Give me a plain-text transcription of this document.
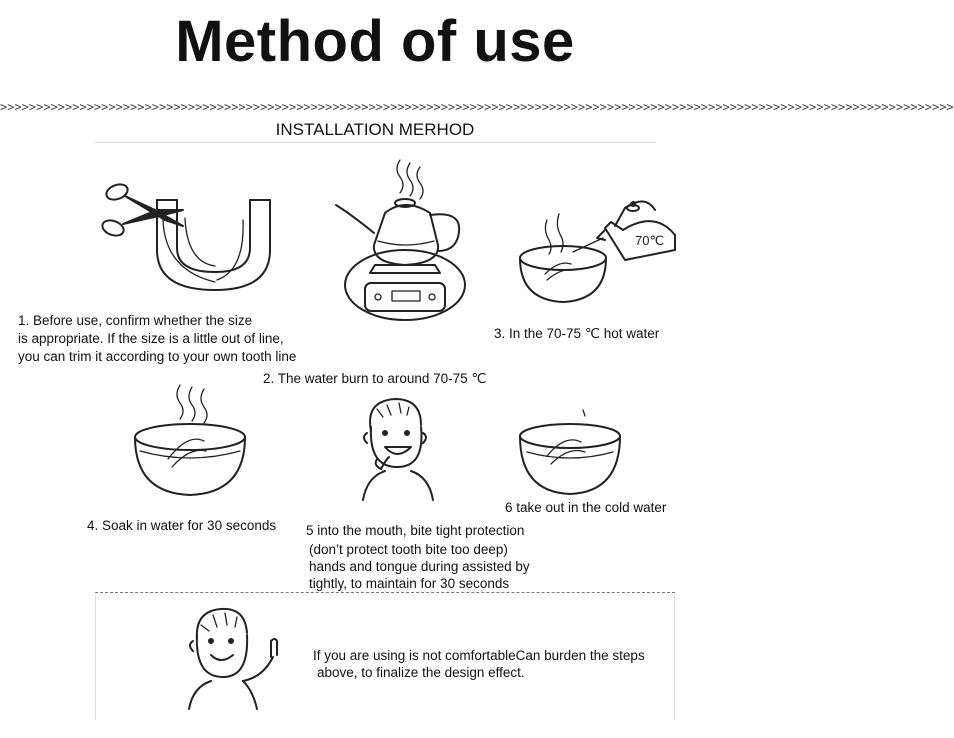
Method of use
>>>>>>>>>>>>>>>>>>>>>>>>>>>>>>>>>>>>>>>>>>>>>>>>>>>>>>>>>>>>>>>>>>>>>>>>>>>>>>>>>>>>>>>>>>>>>>>>>>>>>>>>>>>>>>>>>>>>>>>>>>>>>>>>>>>>
INSTALLATION MERHOD
1. Before use, confirm whether the size
is appropriate. If the size is a little out of line,
you can trim it according to your own tooth line
2. The water burn to around 70-75 ℃
70℃
3. In the 70-75 ℃ hot water
4. Soak in water for 30 seconds 5 into the mouth, bite tight protection
(don’t protect tooth bite too deep)
hands and tongue during assisted by
tightly, to maintain for 30 seconds
6 take out in the cold water
If you are using is not comfortableCan burden the steps
above, to finalize the design effect.
